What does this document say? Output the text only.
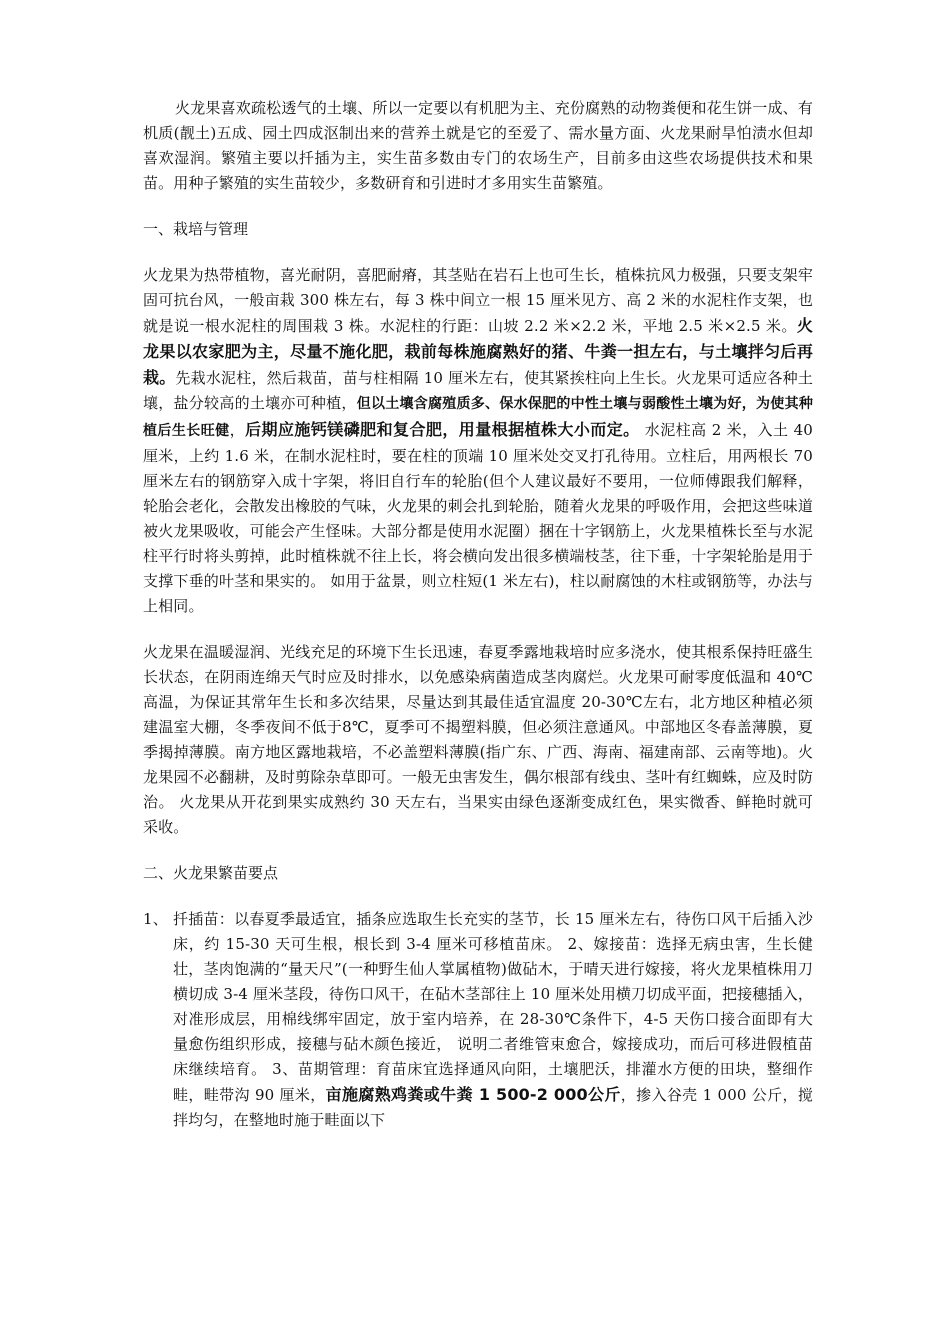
火龙果喜欢疏松透气的土壤、所以一定要以有机肥为主、充份腐熟的动物粪便和花生饼一成、有机质(靓土)五成、园土四成沤制出来的营养土就是它的至爱了、需水量方面、火龙果耐旱怕渍水但却喜欢湿润。繁殖主要以扦插为主，实生苗多数由专门的农场生产，目前多由这些农场提供技术和果苗。用种子繁殖的实生苗较少，多数研育和引进时才多用实生苗繁殖。

一、栽培与管理

火龙果为热带植物，喜光耐阴，喜肥耐瘠，其茎贴在岩石上也可生长，植株抗风力极强，只要支架牢固可抗台风，一般亩栽 300 株左右，每 3 株中间立一根 15 厘米见方、高 2 米的水泥柱作支架，也就是说一根水泥柱的周围栽 3 株。水泥柱的行距：山坡 2.2 米×2.2 米，平地 2.5 米×2.5 米。火龙果以农家肥为主，尽量不施化肥，栽前每株施腐熟好的猪、牛粪一担左右，与土壤拌匀后再栽。先栽水泥柱，然后栽苗，苗与柱相隔 10 厘米左右，使其紧挨柱向上生长。火龙果可适应各种土壤，盐分较高的土壤亦可种植，但以土壤含腐殖质多、保水保肥的中性土壤与弱酸性土壤为好，为使其种植后生长旺健，后期应施钙镁磷肥和复合肥，用量根据植株大小而定。 水泥柱高 2 米，入土 40 厘米，上约 1.6 米，在制水泥柱时，要在柱的顶端 10 厘米处交叉打孔待用。立柱后，用两根长 70 厘米左右的钢筋穿入成十字架，将旧自行车的轮胎(但个人建议最好不要用，一位师傅跟我们解释，轮胎会老化，会散发出橡胶的气味，火龙果的刺会扎到轮胎，随着火龙果的呼吸作用，会把这些味道被火龙果吸收，可能会产生怪味。大部分都是使用水泥圈）捆在十字钢筋上，火龙果植株长至与水泥柱平行时将头剪掉，此时植株就不往上长，将会横向发出很多横端枝茎，往下垂，十字架轮胎是用于支撑下垂的叶茎和果实的。 如用于盆景，则立柱短(1 米左右)，柱以耐腐蚀的木柱或钢筋等，办法与上相同。

火龙果在温暖湿润、光线充足的环境下生长迅速，春夏季露地栽培时应多浇水，使其根系保持旺盛生长状态，在阴雨连绵天气时应及时排水，以免感染病菌造成茎肉腐烂。火龙果可耐零度低温和 40℃高温，为保证其常年生长和多次结果，尽量达到其最佳适宜温度 20-30℃左右，北方地区种植必须建温室大棚，冬季夜间不低于8℃，夏季可不揭塑料膜，但必须注意通风。中部地区冬春盖薄膜，夏季揭掉薄膜。南方地区露地栽培，不必盖塑料薄膜(指广东、广西、海南、福建南部、云南等地)。火龙果园不必翻耕，及时剪除杂草即可。一般无虫害发生，偶尔根部有线虫、茎叶有红蜘蛛，应及时防治。 火龙果从开花到果实成熟约 30 天左右，当果实由绿色逐渐变成红色，果实微香、鲜艳时就可采收。

二、火龙果繁苗要点

1、 扦插苗：以春夏季最适宜，插条应选取生长充实的茎节，长 15 厘米左右，待伤口风干后插入沙床，约 15-30 天可生根，根长到 3-4 厘米可移植苗床。 2、嫁接苗：选择无病虫害，生长健壮，茎肉饱满的“量天尺”(一种野生仙人掌属植物)做砧木，于晴天进行嫁接，将火龙果植株用刀横切成 3-4 厘米茎段，待伤口风干，在砧木茎部往上 10 厘米处用横刀切成平面，把接穗插入，对准形成层，用棉线绑牢固定，放于室内培养，在 28-30℃条件下，4-5 天伤口接合面即有大量愈伤组织形成，接穗与砧木颜色接近， 说明二者维管束愈合，嫁接成功，而后可移进假植苗床继续培育。 3、苗期管理：育苗床宜选择通风向阳，土壤肥沃，排灌水方便的田块，整细作畦，畦带沟 90 厘米，亩施腐熟鸡粪或牛粪 1 500-2 000公斤，掺入谷壳 1 000 公斤，搅拌均匀，在整地时施于畦面以下
